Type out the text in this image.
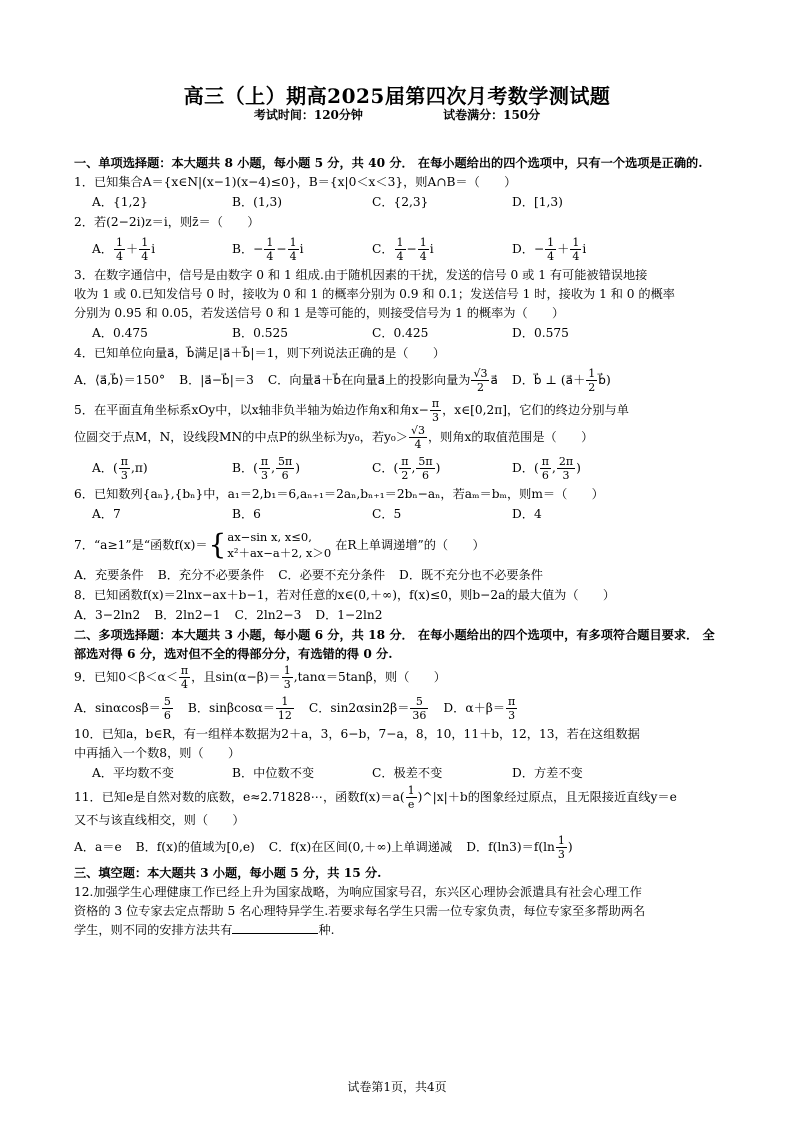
高三（上）期高2025届第四次月考数学测试题
考试时间：120分钟	试卷满分：150分

一、单项选择题：本大题共 8 小题，每小题 5 分，共 40 分． 在每小题给出的四个选项中，只有一个选项是正确的.

1．已知集合A＝{x∈N|(x−1)(x−4)≤0}，B＝{x|0＜x＜3}，则A∩B＝（　　）

A．{1,2}	B．(1,3)	C．{2,3}	D．[1,3)

2．若(2−2i)z＝i，则z̄＝（　　）

A． $\frac{1}{4} + \frac{1}{4}$ i	B．− $\frac{1}{4} - \frac{1}{4}$ i	C． $\frac{1}{4} - \frac{1}{4}$ i	D．− $\frac{1}{4} + \frac{1}{4}$ i

3．在数字通信中，信号是由数字 0 和 1 组成.由于随机因素的干扰，发送的信号 0 或 1 有可能被错误地接

收为 1 或 0.已知发信号 0 时，接收为 0 和 1 的概率分别为 0.9 和 0.1；发送信号 1 时，接收为 1 和 0 的概率

分别为 0.95 和 0.05，若发送信号 0 和 1 是等可能的，则接受信号为 1 的概率为（　　）

A．0.475	B．0.525	C．0.425	D．0.575

4．已知单位向量a⃗，b⃗满足|a⃗＋b⃗|＝1，则下列说法正确的是（　　）

A．⟨a⃗,b⃗⟩＝150° B．|a⃗−b⃗|＝3 C．向量a⃗＋b⃗在向量a⃗上的投影向量为 $\frac{√3}{2}$ a⃗ D．b⃗ ⊥ (a⃗＋ $\frac{1}{2}$ b⃗)

5．在平面直角坐标系xOy中，以x轴非负半轴为始边作角x和角$x- \frac{\pi}{3}$ ，x∈[0,2π]，它们的终边分别与单

位圆交于点M，N，设线段MN的中点P的纵坐标为y₀，若$y_0> \frac{√3}{4}$ ，则角x的取值范围是（　　）

A．( $\frac{\pi}{3} ,\pi$)	B．( $\frac{\pi}{3}$ , $\frac{5\pi}{6}$ )	C．( $\frac{\pi}{2}$ , $\frac{5\pi}{6}$ )	D．( $\frac{\pi}{6}$ , $\frac{2\pi}{3}$ )

6．已知数列{aₙ},{bₙ}中，a₁＝2,b₁＝6,aₙ₊₁＝2aₙ,bₙ₊₁＝2bₙ−aₙ，若aₘ＝bₘ，则m＝（　　）

A．7	B．6	C．5	D．4
7．“a≥1”是“函数f(x)＝ { ax−sin x, x≤0,
x²＋ax−a＋2, x＞0
在R上单调递增”的（　　）
A．充要条件 B．充分不必要条件 C．必要不充分条件 D．既不充分也不必要条件

8．已知函数f(x)＝2lnx−ax＋b−1，若对任意的x∈(0,＋∞)，f(x)≤0，则b−2a的最大值为（　　）

A．3−2ln2 B．2ln2−1 C．2ln2−3 D．1−2ln2

二、多项选择题：本大题共 3 小题，每小题 6 分，共 18 分． 在每小题给出的四个选项中，有多项符合题目要求． 全部选对得 6 分，选对但不全的得部分分，有选错的得 0 分.

9．已知$0<\beta<\alpha< \frac{\pi}{4}$ ，且$\sin(\alpha-\beta)= \frac{1}{3} ,\tan\alpha=5\tan\beta$，则（　　）

A．$\sin\alpha\cos\beta= \frac{5}{6}$ B．$\sin\beta\cos\alpha= \frac{1}{12}$ C．$\sin 2\alpha\sin 2\beta= \frac{5}{36}$ D．$\alpha+\beta= \frac{\pi}{3}$

10．已知a，b∈R，有一组样本数据为2＋a，3，6−b，7−a，8，10，11＋b，12，13，若在这组数据

中再插入一个数8，则（　　）

A．平均数不变	B．中位数不变	C．极差不变	D．方差不变

11．已知e是自然对数的底数，e≈2.71828⋯，函数$f(x)=a( \frac{1}{e}$ )^|x|＋b的图象经过原点，且无限接近直线y＝e

又不与该直线相交，则（　　）

A．a＝e B．f(x)的值域为[0,e) C．f(x)在区间(0,＋∞)上单调递减 D．$f(\ln 3)=f(\ln \frac{1}{3}$ )

三、填空题：本大题共 3 小题，每小题 5 分，共 15 分.

12.加强学生心理健康工作已经上升为国家战略，为响应国家号召，东兴区心理协会派遣具有社会心理工作

资格的 3 位专家去定点帮助 5 名心理特异学生.若要求每名学生只需一位专家负责，每位专家至多帮助两名

学生，则不同的安排方法共有	种.

试卷第1页，共4页
